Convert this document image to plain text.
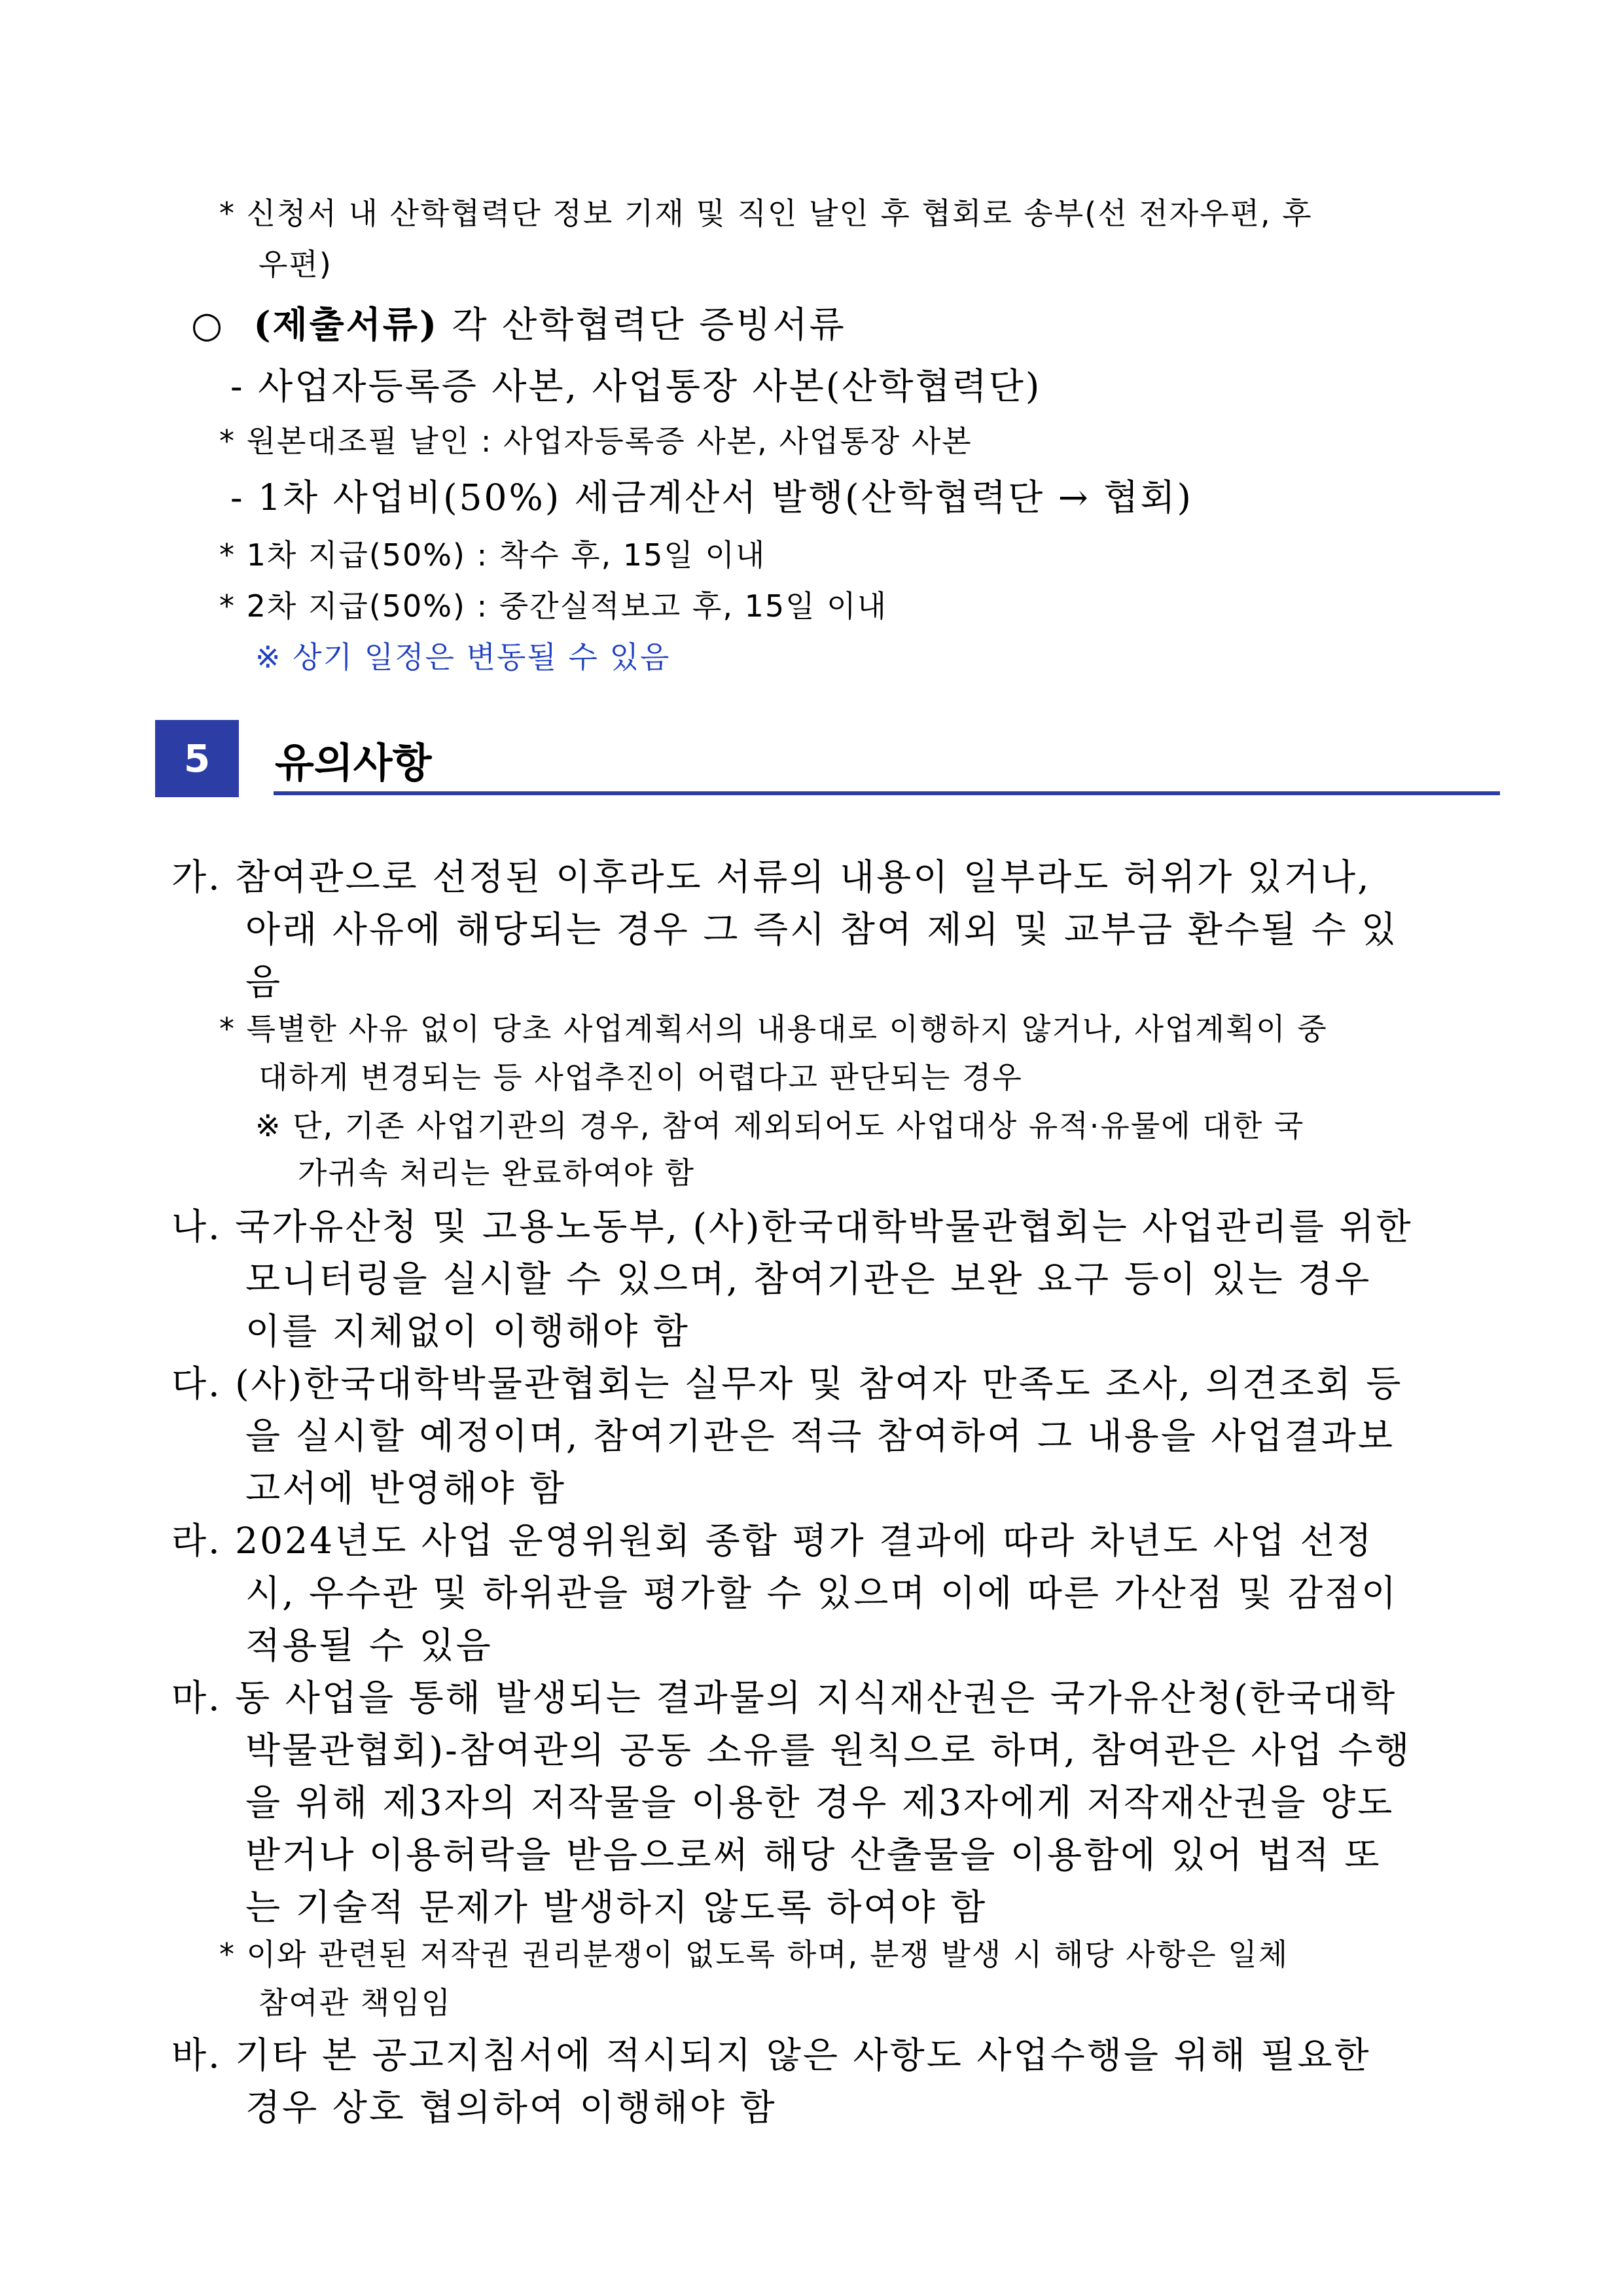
* 신청서 내 산학협력단 정보 기재 및 직인 날인 후 협회로 송부(선 전자우편, 후

우편)

○ (제출서류) 각 산학협력단 증빙서류

- 사업자등록증 사본, 사업통장 사본(산학협력단)

* 원본대조필 날인 : 사업자등록증 사본, 사업통장 사본

- 1차 사업비(50%) 세금계산서 발행(산학협력단 → 협회)

* 1차 지급(50%) : 착수 후, 15일 이내

* 2차 지급(50%) : 중간실적보고 후, 15일 이내

※ 상기 일정은 변동될 수 있음

5	유의사항

가. 참여관으로 선정된 이후라도 서류의 내용이 일부라도 허위가 있거나,

아래 사유에 해당되는 경우 그 즉시 참여 제외 및 교부금 환수될 수 있

음

* 특별한 사유 없이 당초 사업계획서의 내용대로 이행하지 않거나, 사업계획이 중

대하게 변경되는 등 사업추진이 어렵다고 판단되는 경우

※ 단, 기존 사업기관의 경우, 참여 제외되어도 사업대상 유적·유물에 대한 국

가귀속 처리는 완료하여야 함

나. 국가유산청 및 고용노동부, (사)한국대학박물관협회는 사업관리를 위한

모니터링을 실시할 수 있으며, 참여기관은 보완 요구 등이 있는 경우

이를 지체없이 이행해야 함

다. (사)한국대학박물관협회는 실무자 및 참여자 만족도 조사, 의견조회 등

을 실시할 예정이며, 참여기관은 적극 참여하여 그 내용을 사업결과보

고서에 반영해야 함

라. 2024년도 사업 운영위원회 종합 평가 결과에 따라 차년도 사업 선정

시, 우수관 및 하위관을 평가할 수 있으며 이에 따른 가산점 및 감점이

적용될 수 있음

마. 동 사업을 통해 발생되는 결과물의 지식재산권은 국가유산청(한국대학

박물관협회)-참여관의 공동 소유를 원칙으로 하며, 참여관은 사업 수행

을 위해 제3자의 저작물을 이용한 경우 제3자에게 저작재산권을 양도

받거나 이용허락을 받음으로써 해당 산출물을 이용함에 있어 법적 또

는 기술적 문제가 발생하지 않도록 하여야 함

* 이와 관련된 저작권 권리분쟁이 없도록 하며, 분쟁 발생 시 해당 사항은 일체

참여관 책임임

바. 기타 본 공고지침서에 적시되지 않은 사항도 사업수행을 위해 필요한

경우 상호 협의하여 이행해야 함
